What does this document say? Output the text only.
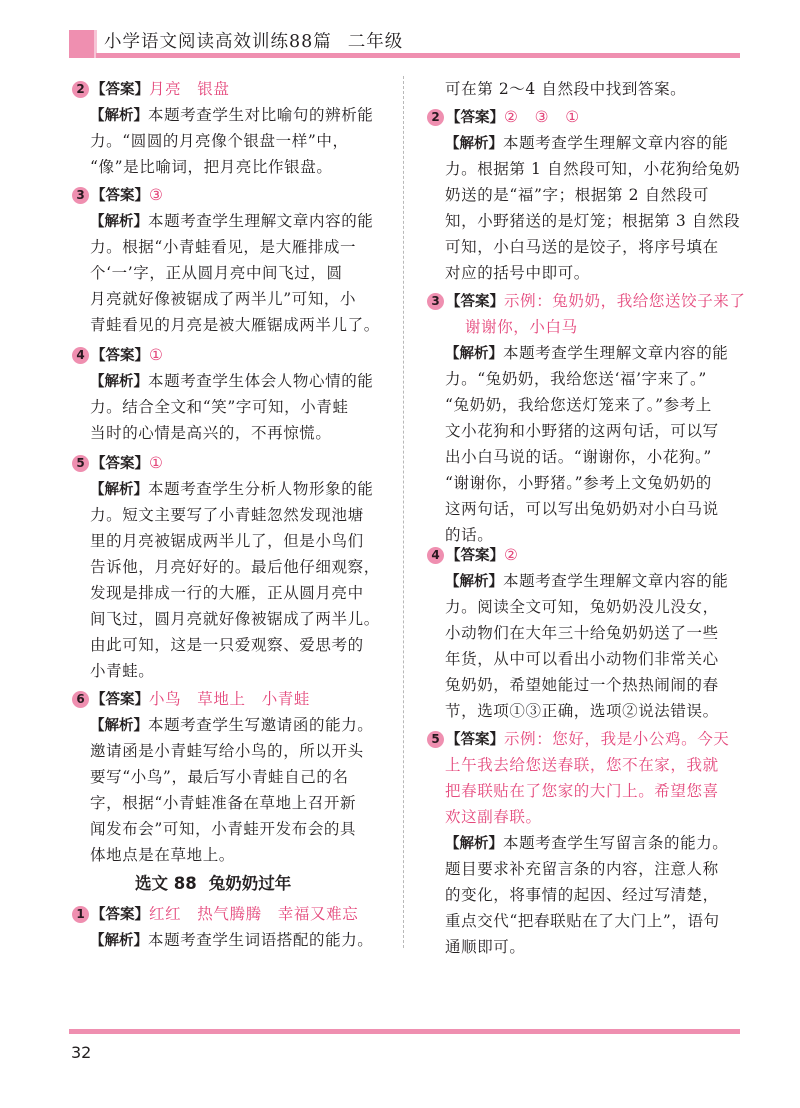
小学语文阅读高效训练88篇 二年级
2 【答案】月亮　银盘
【解析】本题考查学生对比喻句的辨析能
力。“圆圆的月亮像个银盘一样”中，
“像”是比喻词，把月亮比作银盘。
3 【答案】③
【解析】本题考查学生理解文章内容的能
力。根据“小青蛙看见，是大雁排成一
个‘一’字，正从圆月亮中间飞过，圆
月亮就好像被锯成了两半儿”可知，小
青蛙看见的月亮是被大雁锯成两半儿了。
4 【答案】①
【解析】本题考查学生体会人物心情的能
力。结合全文和“笑”字可知，小青蛙
当时的心情是高兴的，不再惊慌。
5 【答案】①
【解析】本题考查学生分析人物形象的能
力。短文主要写了小青蛙忽然发现池塘
里的月亮被锯成两半儿了，但是小鸟们
告诉他，月亮好好的。最后他仔细观察，
发现是排成一行的大雁，正从圆月亮中
间飞过，圆月亮就好像被锯成了两半儿。
由此可知，这是一只爱观察、爱思考的
小青蛙。
6 【答案】小鸟　草地上　小青蛙
【解析】本题考查学生写邀请函的能力。
邀请函是小青蛙写给小鸟的，所以开头
要写“小鸟”，最后写小青蛙自己的名
字，根据“小青蛙准备在草地上召开新
闻发布会”可知，小青蛙开发布会的具
体地点是在草地上。
选文 88 兔奶奶过年
1 【答案】红红　热气腾腾　幸福又难忘
【解析】本题考查学生词语搭配的能力。
可在第 2～4 自然段中找到答案。
2 【答案】②　③　①
【解析】本题考查学生理解文章内容的能
力。根据第 1 自然段可知，小花狗给兔奶
奶送的是“福”字；根据第 2 自然段可
知，小野猪送的是灯笼；根据第 3 自然段
可知，小白马送的是饺子，将序号填在
对应的括号中即可。
3 【答案】示例：兔奶奶，我给您送饺子来了
谢谢你，小白马
【解析】本题考查学生理解文章内容的能
力。“兔奶奶，我给您送‘福’字来了。”
“兔奶奶，我给您送灯笼来了。”参考上
文小花狗和小野猪的这两句话，可以写
出小白马说的话。“谢谢你，小花狗。”
“谢谢你，小野猪。”参考上文兔奶奶的
这两句话，可以写出兔奶奶对小白马说
的话。
4 【答案】②
【解析】本题考查学生理解文章内容的能
力。阅读全文可知，兔奶奶没儿没女，
小动物们在大年三十给兔奶奶送了一些
年货，从中可以看出小动物们非常关心
兔奶奶，希望她能过一个热热闹闹的春
节，选项①③正确，选项②说法错误。
5 【答案】示例：您好，我是小公鸡。今天
上午我去给您送春联，您不在家，我就
把春联贴在了您家的大门上。希望您喜
欢这副春联。
【解析】本题考查学生写留言条的能力。
题目要求补充留言条的内容，注意人称
的变化，将事情的起因、经过写清楚，
重点交代“把春联贴在了大门上”，语句
通顺即可。
32
